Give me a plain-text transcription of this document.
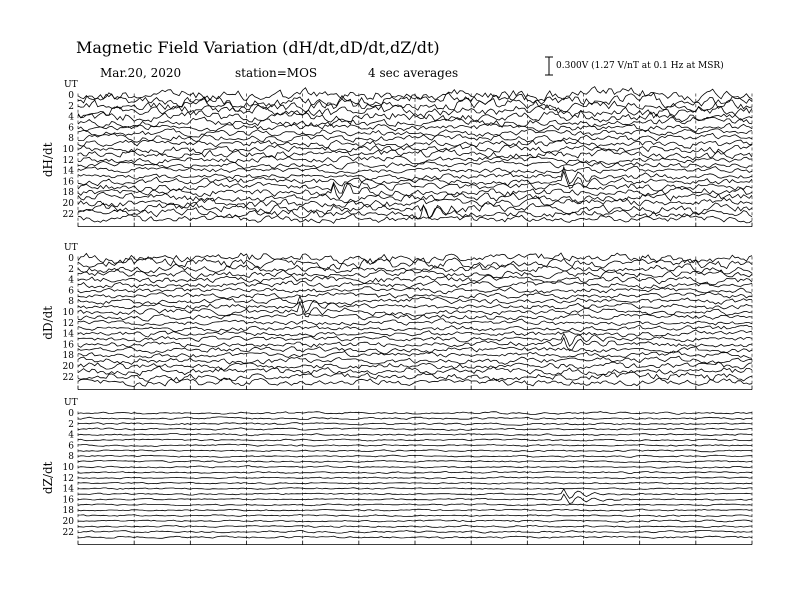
Magnetic Field Variation (dH/dt,dD/dt,dZ/dt)
Mar.20, 2020	station=MOS	4 sec averages	0.300V (1.27 V/nT at 0.1 Hz at MSR)
UT
dH/dt
0
2
4
6
8
10
12
14
16
18
20
22
UT
dD/dt
0
2
4
6
8
10
12
14
16
18
20
22
UT
dZ/dt
0
2
4
6
8
10
12
14
16
18
20
22
